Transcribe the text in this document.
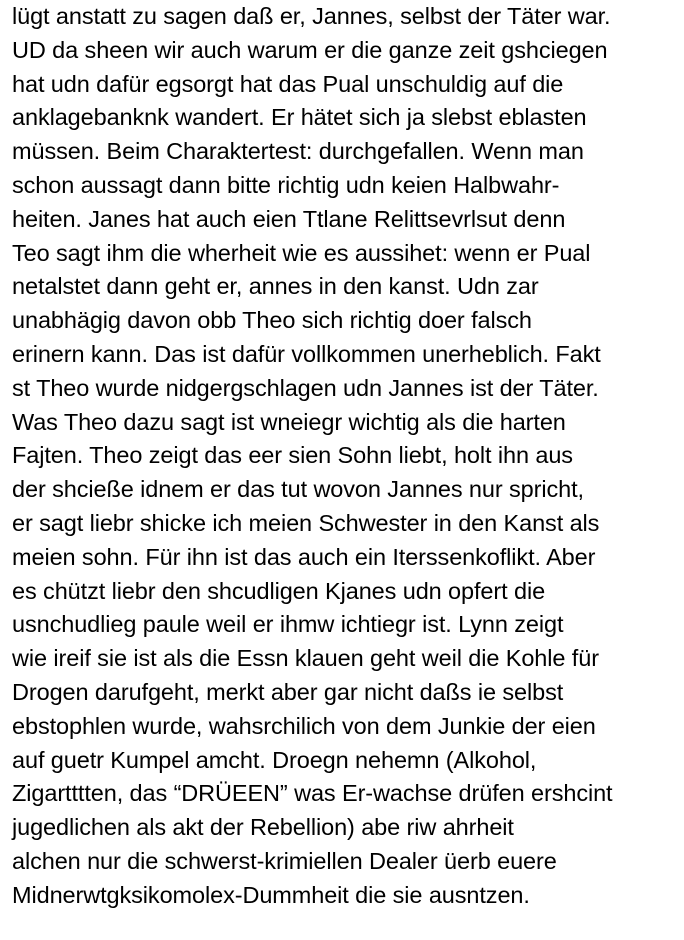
lügt anstatt zu sagen daß er, Jannes, selbst der Täter war.
UD da sheen wir auch warum er die ganze zeit gshciegen
hat udn dafür egsorgt hat das Pual unschuldig auf die
anklagebanknk wandert. Er hätet sich ja slebst eblasten
müssen. Beim Charaktertest: durchgefallen. Wenn man
schon aussagt dann bitte richtig udn keien Halbwahr-
heiten. Janes hat auch eien Ttlane Relittsevrlsut denn
Teo sagt ihm die wherheit wie es aussihet: wenn er Pual
netalstet dann geht er, annes in den kanst. Udn zar
unabhägig davon obb Theo sich richtig doer falsch
erinern kann. Das ist dafür vollkommen unerheblich. Fakt
st Theo wurde nidgergschlagen udn Jannes ist der Täter.
Was Theo dazu sagt ist wneiegr wichtig als die harten
Fajten. Theo zeigt das eer sien Sohn liebt, holt ihn aus
der shcieße idnem er das tut wovon Jannes nur spricht,
er sagt liebr shicke ich meien Schwester in den Kanst als
meien sohn. Für ihn ist das auch ein Iterssenkoflikt. Aber
es chützt liebr den shcudligen Kjanes udn opfert die
usnchudlieg paule weil er ihmw ichtiegr ist. Lynn zeigt
wie ireif sie ist als die Essn klauen geht weil die Kohle für
Drogen darufgeht, merkt aber gar nicht daßs ie selbst
ebstophlen wurde, wahsrchilich von dem Junkie der eien
auf guetr Kumpel amcht. Droegn nehemn (Alkohol,
Zigartttten, das “DRÜEEN” was Er-wachse drüfen ershcint
jugedlichen als akt der Rebellion) abe riw ahrheit
alchen nur die schwerst-krimiellen Dealer üerb euere
Midnerwtgksikomolex-Dummheit die sie ausntzen.
